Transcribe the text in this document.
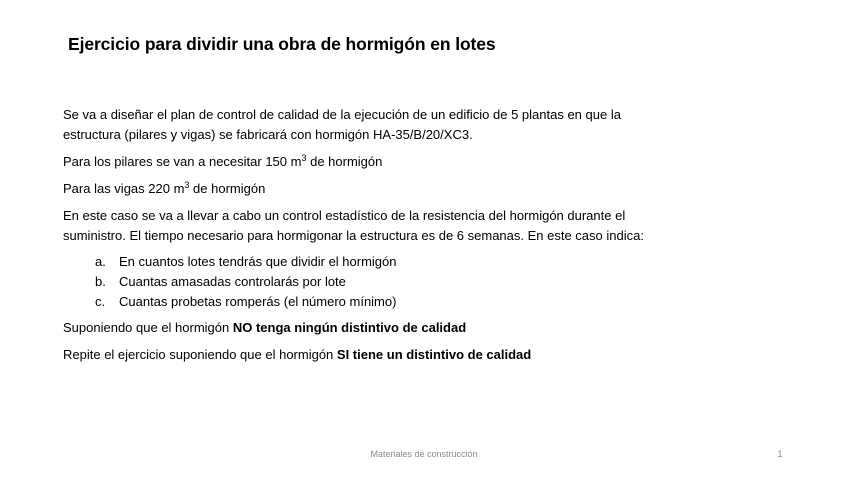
Ejercicio para dividir una obra de hormigón en lotes

Se va a diseñar el plan de control de calidad de la ejecución de un edificio de 5 plantas en que la
estructura (pilares y vigas) se fabricará con hormigón HA-35/B/20/XC3.

Para los pilares se van a necesitar 150 $m^3$ de hormigón

Para las vigas 220 $m^3$ de hormigón

En este caso se va a llevar a cabo un control estadístico de la resistencia del hormigón durante el
suministro. El tiempo necesario para hormigonar la estructura es de 6 semanas. En este caso indica:

a. En cuantos lotes tendrás que dividir el hormigón
b. Cuantas amasadas controlarás por lote
c. Cuantas probetas romperás (el número mínimo)

Suponiendo que el hormigón NO tenga ningún distintivo de calidad

Repite el ejercicio suponiendo que el hormigón SI tiene un distintivo de calidad

Materiales de construcción	1
